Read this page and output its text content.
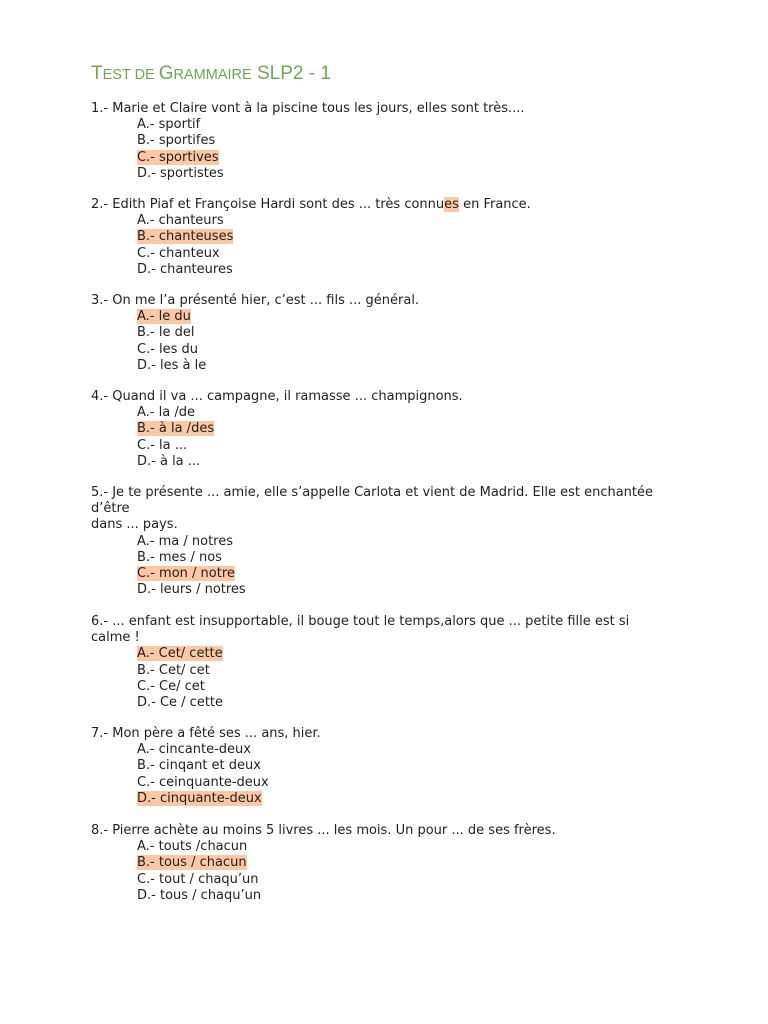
TEST DE GRAMMAIRE SLP2 - 1

1.- Marie et Claire vont à la piscine tous les jours, elles sont très....

A.- sportif
B.- sportifes
C.- sportives
D.- sportistes

2.- Edith Piaf et Françoise Hardi sont des ... très connues en France.

A.- chanteurs
B.- chanteuses
C.- chanteux
D.- chanteures

3.- On me l’a présenté hier, c’est ... fils ... général.

A.- le du
B.- le del
C.- les du
D.- les à le

4.- Quand il va ... campagne, il ramasse ... champignons.

A.- la /de
B.- à la /des
C.- la ...
D.- à la ...

5.- Je te présente ... amie, elle s’appelle Carlota et vient de Madrid. Elle est enchantée d’être

dans ... pays.

A.- ma / notres
B.- mes / nos
C.- mon / notre
D.- leurs / notres

6.- ... enfant est insupportable, il bouge tout le temps,alors que ... petite fille est si calme !

A.- Cet/ cette
B.- Cet/ cet
C.- Ce/ cet
D.- Ce / cette

7.- Mon père a fêté ses ... ans, hier.

A.- cincante-deux
B.- cinqant et deux
C.- ceinquante-deux
D.- cinquante-deux

8.- Pierre achète au moins 5 livres ... les mois. Un pour ... de ses frères.

A.- touts /chacun
B.- tous / chacun
C.- tout / chaqu’un
D.- tous / chaqu’un
